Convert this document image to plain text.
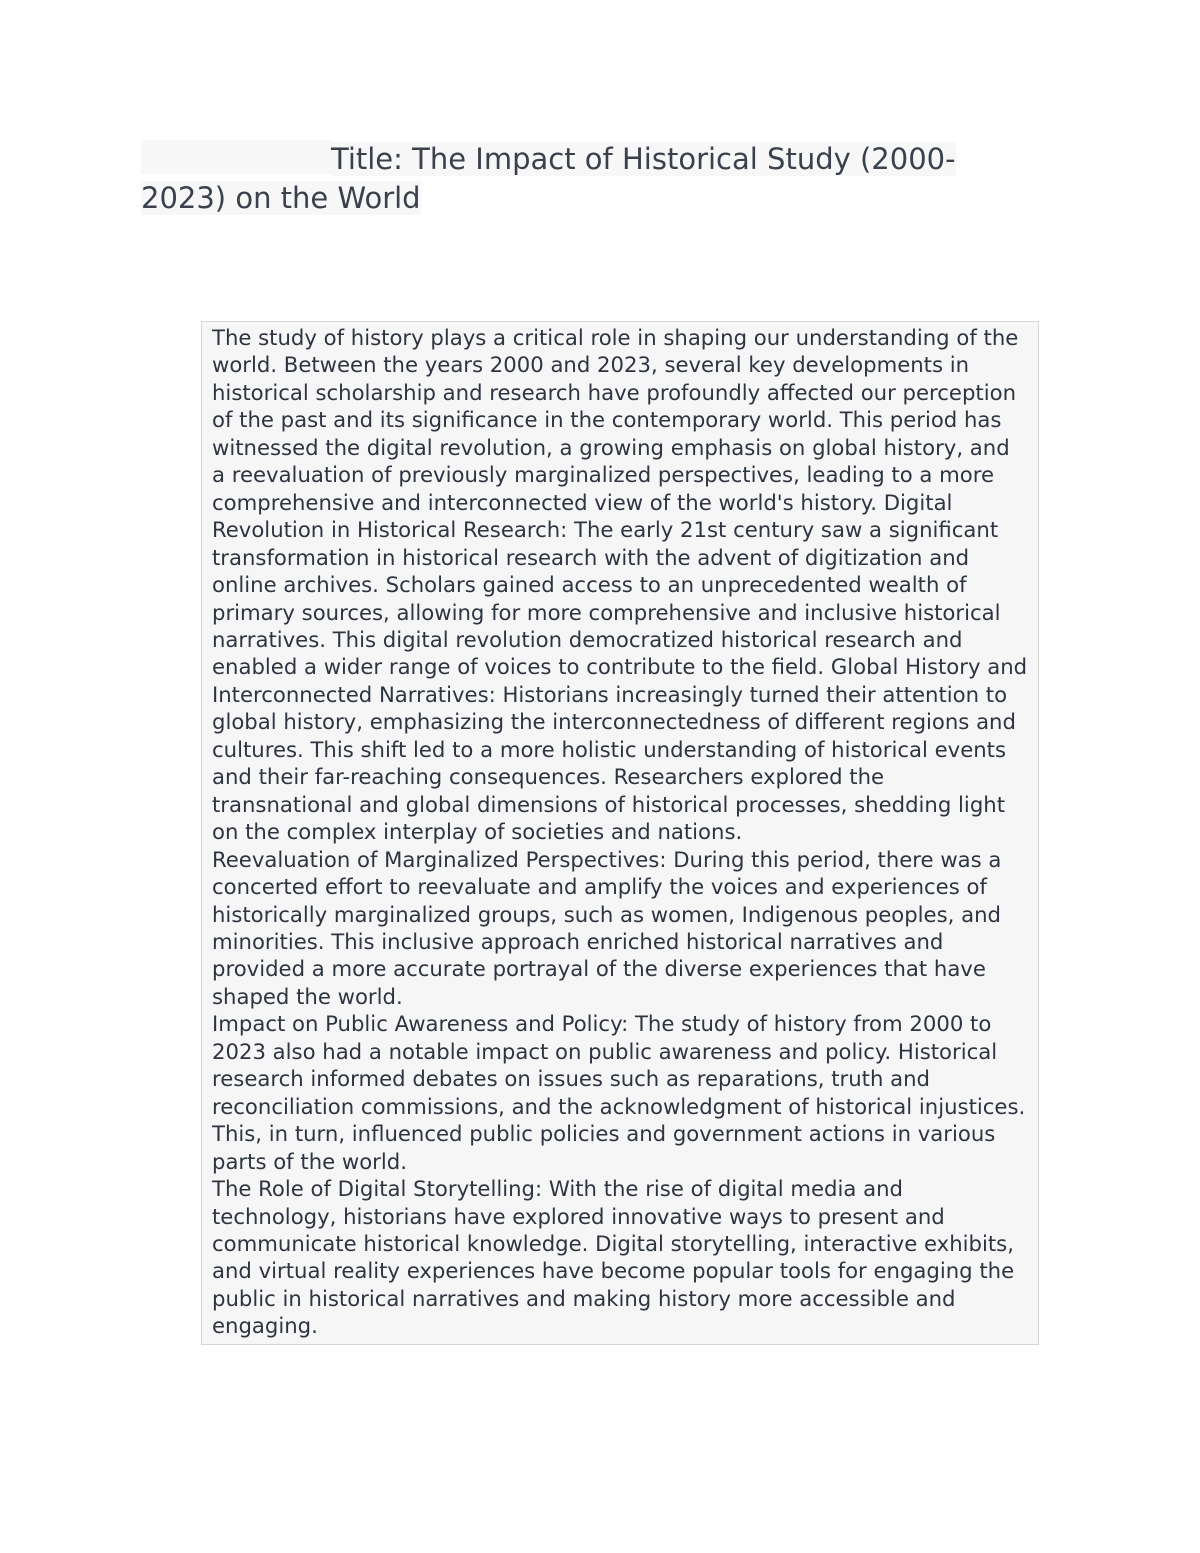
Title: The Impact of Historical Study (2000-2023) on the World

The study of history plays a critical role in shaping our understanding of the world. Between the years 2000 and 2023, several key developments in historical scholarship and research have profoundly affected our perception of the past and its significance in the contemporary world. This period has witnessed the digital revolution, a growing emphasis on global history, and a reevaluation of previously marginalized perspectives, leading to a more comprehensive and interconnected view of the world's history. Digital Revolution in Historical Research: The early 21st century saw a significant transformation in historical research with the advent of digitization and online archives. Scholars gained access to an unprecedented wealth of primary sources, allowing for more comprehensive and inclusive historical narratives. This digital revolution democratized historical research and enabled a wider range of voices to contribute to the field. Global History and Interconnected Narratives: Historians increasingly turned their attention to global history, emphasizing the interconnectedness of different regions and cultures. This shift led to a more holistic understanding of historical events and their far-reaching consequences. Researchers explored the transnational and global dimensions of historical processes, shedding light on the complex interplay of societies and nations.

Reevaluation of Marginalized Perspectives: During this period, there was a concerted effort to reevaluate and amplify the voices and experiences of historically marginalized groups, such as women, Indigenous peoples, and minorities. This inclusive approach enriched historical narratives and provided a more accurate portrayal of the diverse experiences that have shaped the world.

Impact on Public Awareness and Policy: The study of history from 2000 to 2023 also had a notable impact on public awareness and policy. Historical research informed debates on issues such as reparations, truth and reconciliation commissions, and the acknowledgment of historical injustices. This, in turn, influenced public policies and government actions in various parts of the world.

The Role of Digital Storytelling: With the rise of digital media and technology, historians have explored innovative ways to present and communicate historical knowledge. Digital storytelling, interactive exhibits, and virtual reality experiences have become popular tools for engaging the public in historical narratives and making history more accessible and engaging.
